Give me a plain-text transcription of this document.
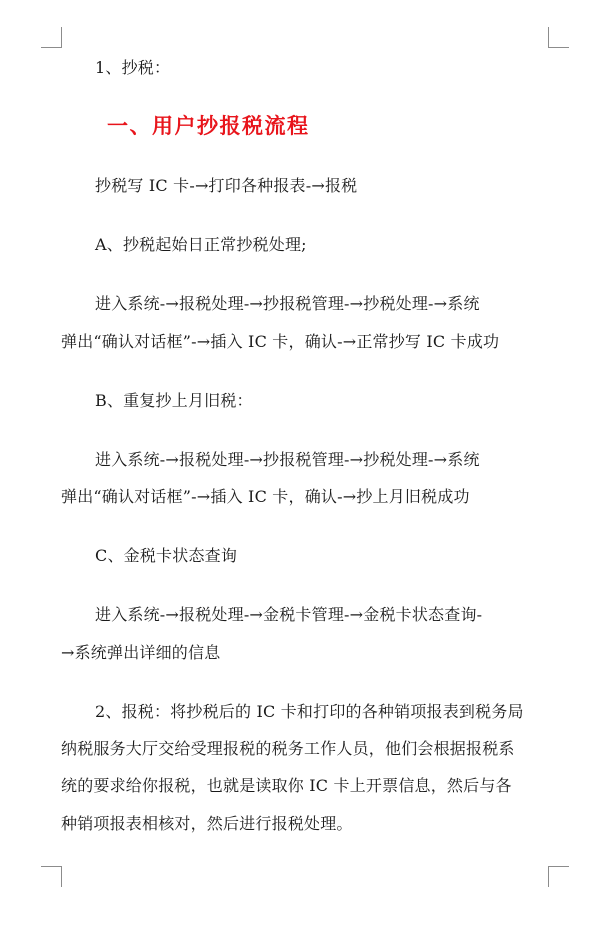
1、抄税：
一、用户抄报税流程
抄税写 IC 卡-→打印各种报表-→报税
A、抄税起始日正常抄税处理;
进入系统-→报税处理-→抄报税管理-→抄税处理-→系统
弹出“确认对话框”-→插入 IC 卡，确认-→正常抄写 IC 卡成功
B、重复抄上月旧税：
进入系统-→报税处理-→抄报税管理-→抄税处理-→系统
弹出“确认对话框”-→插入 IC 卡，确认-→抄上月旧税成功
C、金税卡状态查询
进入系统-→报税处理-→金税卡管理-→金税卡状态查询-
→系统弹出详细的信息
2、报税：将抄税后的 IC 卡和打印的各种销项报表到税务局
纳税服务大厅交给受理报税的税务工作人员，他们会根据报税系
统的要求给你报税，也就是读取你 IC 卡上开票信息，然后与各
种销项报表相核对，然后进行报税处理。
